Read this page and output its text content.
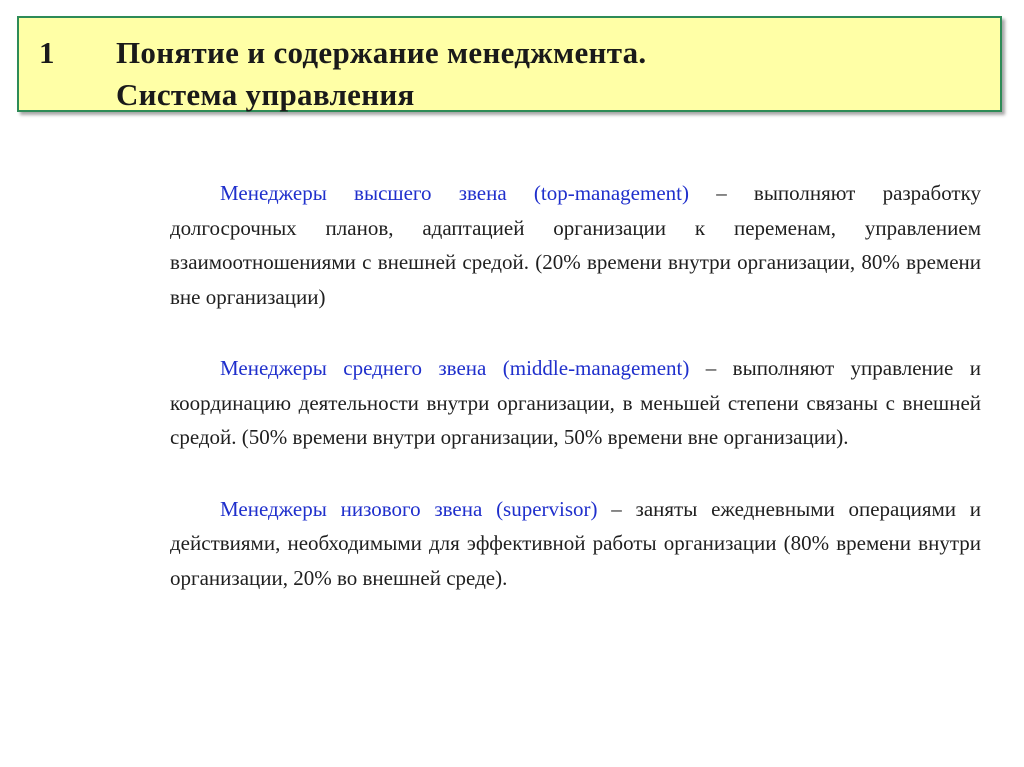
1 Понятие и содержание менеджмента.
Система управления

Менеджеры высшего звена (top-management) – выполняют разработку долгосрочных планов, адаптацией организации к переменам, управлением взаимоотношениями с внешней средой. (20% времени внутри организации, 80% времени вне организации)

Менеджеры среднего звена (middle-management) – выполняют управление и координацию деятельности внутри организации, в меньшей степени связаны с внешней средой. (50% времени внутри организации, 50% времени вне организации).

Менеджеры низового звена (supervisor) – заняты ежедневными операциями и действиями, необходимыми для эффективной работы организации (80% времени внутри организации, 20% во внешней среде).
